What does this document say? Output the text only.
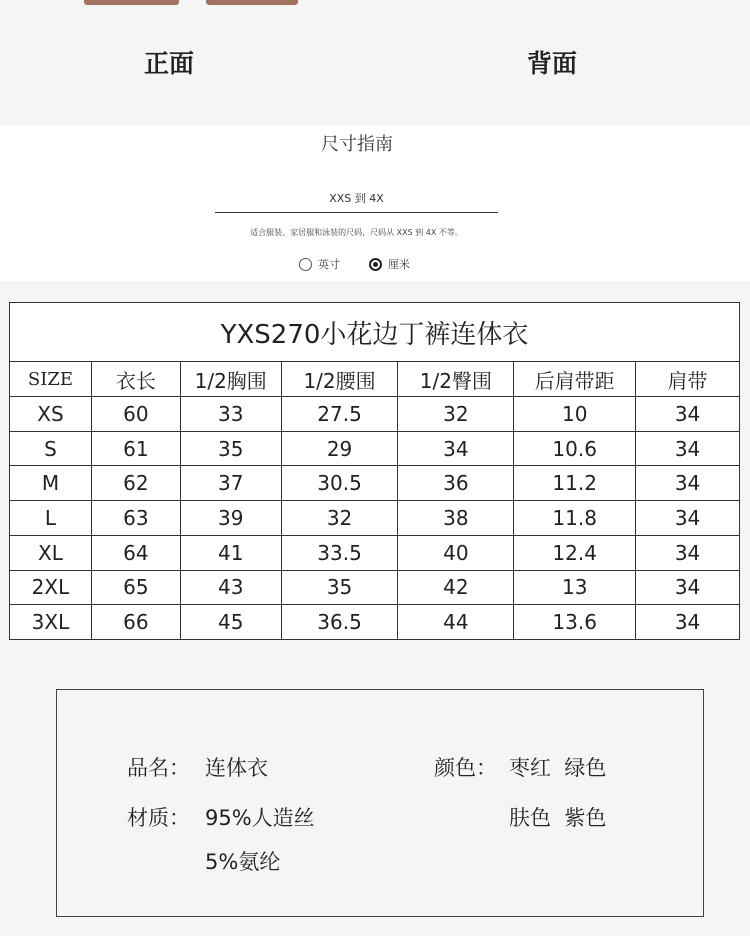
正面	背面
尺寸指南
XXS 到 4X
适合服装、家居服和泳装的尺码，尺码从 XXS 到 4X 不等。
英寸	厘米
YXS270小花边丁裤连体衣						
SIZE	衣长	1/2胸围	1/2腰围	1/2臀围	后肩带距	肩带
XS	60	33	27.5	32	10	34
S	61	35	29	34	10.6	34
M	62	37	30.5	36	11.2	34
L	63	39	32	38	11.8	34
XL	64	41	33.5	40	12.4	34
2XL	65	43	35	42	13	34
3XL	66	45	36.5	44	13.6	34
品名： 连体衣
材质： 95%人造丝
5%氨纶
颜色： 枣红  绿色
肤色  紫色
